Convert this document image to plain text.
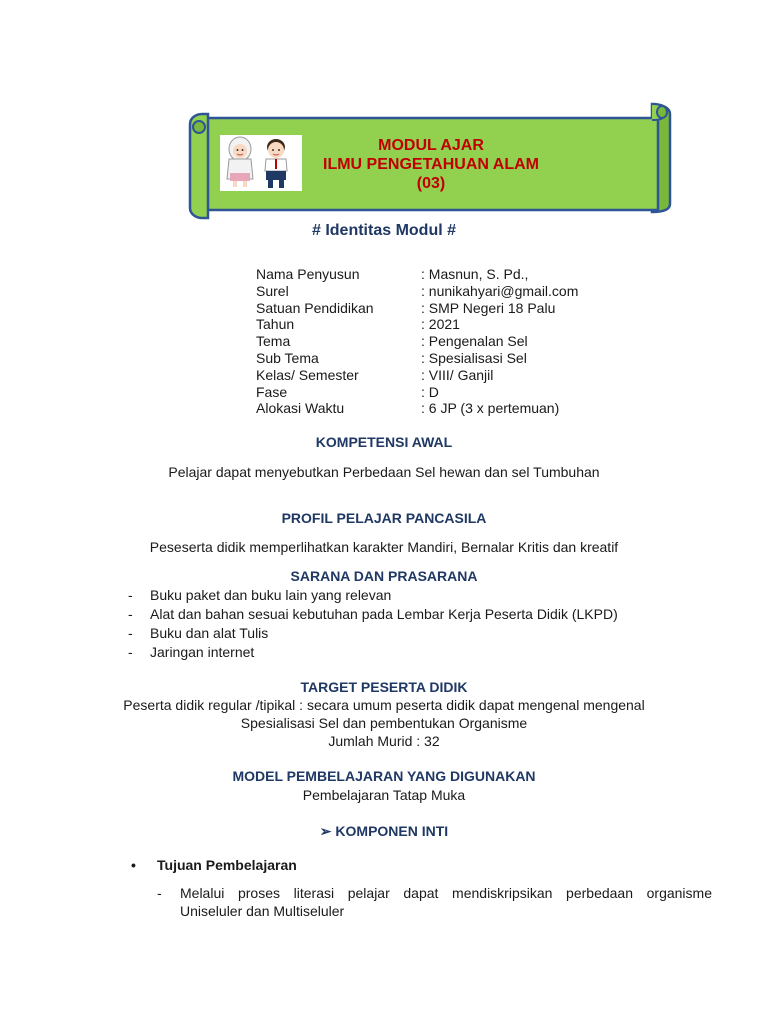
MODUL AJAR
ILMU PENGETAHUAN ALAM
(03)
# Identitas Modul #
Nama Penyusun	: Masnun, S. Pd.,
Surel	: nunikahyari@gmail.com
Satuan Pendidikan	: SMP Negeri 18 Palu
Tahun	: 2021
Tema	: Pengenalan Sel
Sub Tema	: Spesialisasi Sel
Kelas/ Semester	: VIII/ Ganjil
Fase	: D
Alokasi Waktu	: 6 JP (3 x pertemuan)
KOMPETENSI AWAL
Pelajar dapat menyebutkan Perbedaan Sel hewan dan sel Tumbuhan
PROFIL PELAJAR PANCASILA
Peseserta didik memperlihatkan karakter Mandiri, Bernalar Kritis dan kreatif
SARANA DAN PRASARANA
- Buku paket dan buku lain yang relevan
- Alat dan bahan sesuai kebutuhan pada Lembar Kerja Peserta Didik (LKPD)
- Buku dan alat Tulis
- Jaringan internet
TARGET PESERTA DIDIK
Peserta didik regular /tipikal : secara umum peserta didik dapat mengenal mengenal
Spesialisasi Sel dan pembentukan Organisme
Jumlah Murid : 32
MODEL PEMBELAJARAN YANG DIGUNAKAN
Pembelajaran Tatap Muka
➢ KOMPONEN INTI
• Tujuan Pembelajaran
- Melalui proses literasi pelajar dapat mendiskripsikan perbedaan organisme
Uniseluler dan Multiseluler
